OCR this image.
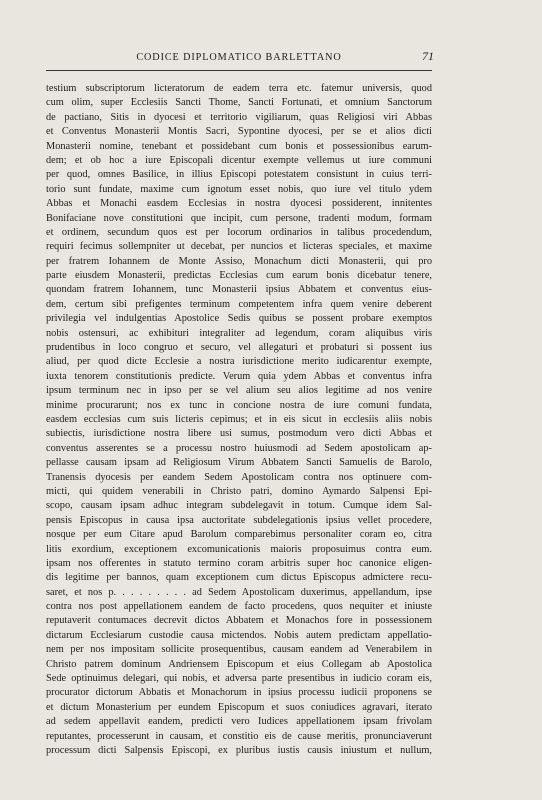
CODICE DIPLOMATICO BARLETTANO	71
testium subscriptorum licteratorum de eadem terra etc. fatemur universis, quod
cum olim, super Ecclesiis Sancti Thome, Sancti Fortunati, et omnium Sanctorum
de pactiano, Sitis in dyocesi et territorio vigiliarum, quas Religiosi viri Abbas
et Conventus Monasterii Montis Sacri, Sypontine dyocesi, per se et alios dicti
Monasterii nomine, tenebant et possidebant cum bonis et possessionibus earum-
dem; et ob hoc a iure Episcopali dicentur exempte vellemus ut iure communi
per quod, omnes Basilice, in illius Episcopi potestatem consistunt in cuius terri-
torio sunt fundate, maxime cum ignotum esset nobis, quo iure vel titulo ydem
Abbas et Monachi easdem Ecclesias in nostra dyocesi possiderent, innitentes
Bonifaciane nove constitutioni que incipit, cum persone, tradenti modum, formam
et ordinem, secundum quos est per locorum ordinarios in talibus procedendum,
requiri fecimus sollempniter ut decebat, per nuncios et licteras speciales, et maxime
per fratrem Iohannem de Monte Assiso, Monachum dicti Monasterii, qui pro
parte eiusdem Monasterii, predictas Ecclesias cum earum bonis dicebatur tenere,
quondam fratrem Iohannem, tunc Monasterii ipsius Abbatem et conventus eius-
dem, certum sibi prefigentes terminum competentem infra quem venire deberent
privilegia vel indulgentias Apostolice Sedis quibus se possent probare exemptos
nobis ostensuri, ac exhibituri integraliter ad legendum, coram aliquibus viris
prudentibus in loco congruo et securo, vel allegaturi et probaturi si possent ius
aliud, per quod dicte Ecclesie a nostra iurisdictione merito iudicarentur exempte,
iuxta tenorem constitutionis predicte. Verum quia ydem Abbas et conventus infra
ipsum terminum nec in ipso per se vel alium seu alios legitime ad nos venire
minime procurarunt; nos ex tunc in concione nostra de iure comuni fundata,
easdem ecclesias cum suis licteris cepimus; et in eis sicut in ecclesiis aliis nobis
subiectis, iurisdictione nostra libere usi sumus, postmodum vero dicti Abbas et
conventus asserentes se a processu nostro huiusmodi ad Sedem apostolicam ap-
pellasse causam ipsam ad Religiosum Virum Abbatem Sancti Samuelis de Barolo,
Tranensis dyocesis per eandem Sedem Apostolicam contra nos optinuere com-
micti, qui quidem venerabili in Christo patri, domino Aymardo Salpensi Epi-
scopo, causam ipsam adhuc integram subdelegavit in totum. Cumque idem Sal-
pensis Episcopus in causa ipsa auctoritate subdelegationis ipsius vellet procedere,
nosque per eum Citare apud Barolum comparebimus personaliter coram eo, citra
litis exordium, exceptionem excomunicationis maioris proposuimus contra eum.
ipsam nos offerentes in statuto termino coram arbitris super hoc canonice eligen-
dis legitime per bannos, quam exceptionem cum dictus Episcopus admictere recu-
saret, et nos p. . . . . . . . . ad Sedem Apostolicam duxerimus, appellandum, ipse
contra nos post appellationem eandem de facto procedens, quos nequiter et iniuste
reputaverit contumaces decrevit dictos Abbatem et Monachos fore in possessionem
dictarum Ecclesiarum custodie causa mictendos. Nobis autem predictam appellatio-
nem per nos impositam sollicite prosequentibus, causam eandem ad Venerabilem in
Christo patrem dominum Andriensem Episcopum et eius Collegam ab Apostolica
Sede optinuimus delegari, qui nobis, et adversa parte presentibus in iudicio coram eis,
procurator dictorum Abbatis et Monachorum in ipsius processu iudicii proponens se
et dictum Monasterium per eundem Episcopum et suos coniudices agravari, iterato
ad sedem appellavit eandem, predicti vero Iudices appellationem ipsam frivolam
reputantes, processerunt in causam, et constitio eis de cause meritis, pronunciaverunt
processum dicti Salpensis Episcopi, ex pluribus iustis causis iniustum et nullum,
